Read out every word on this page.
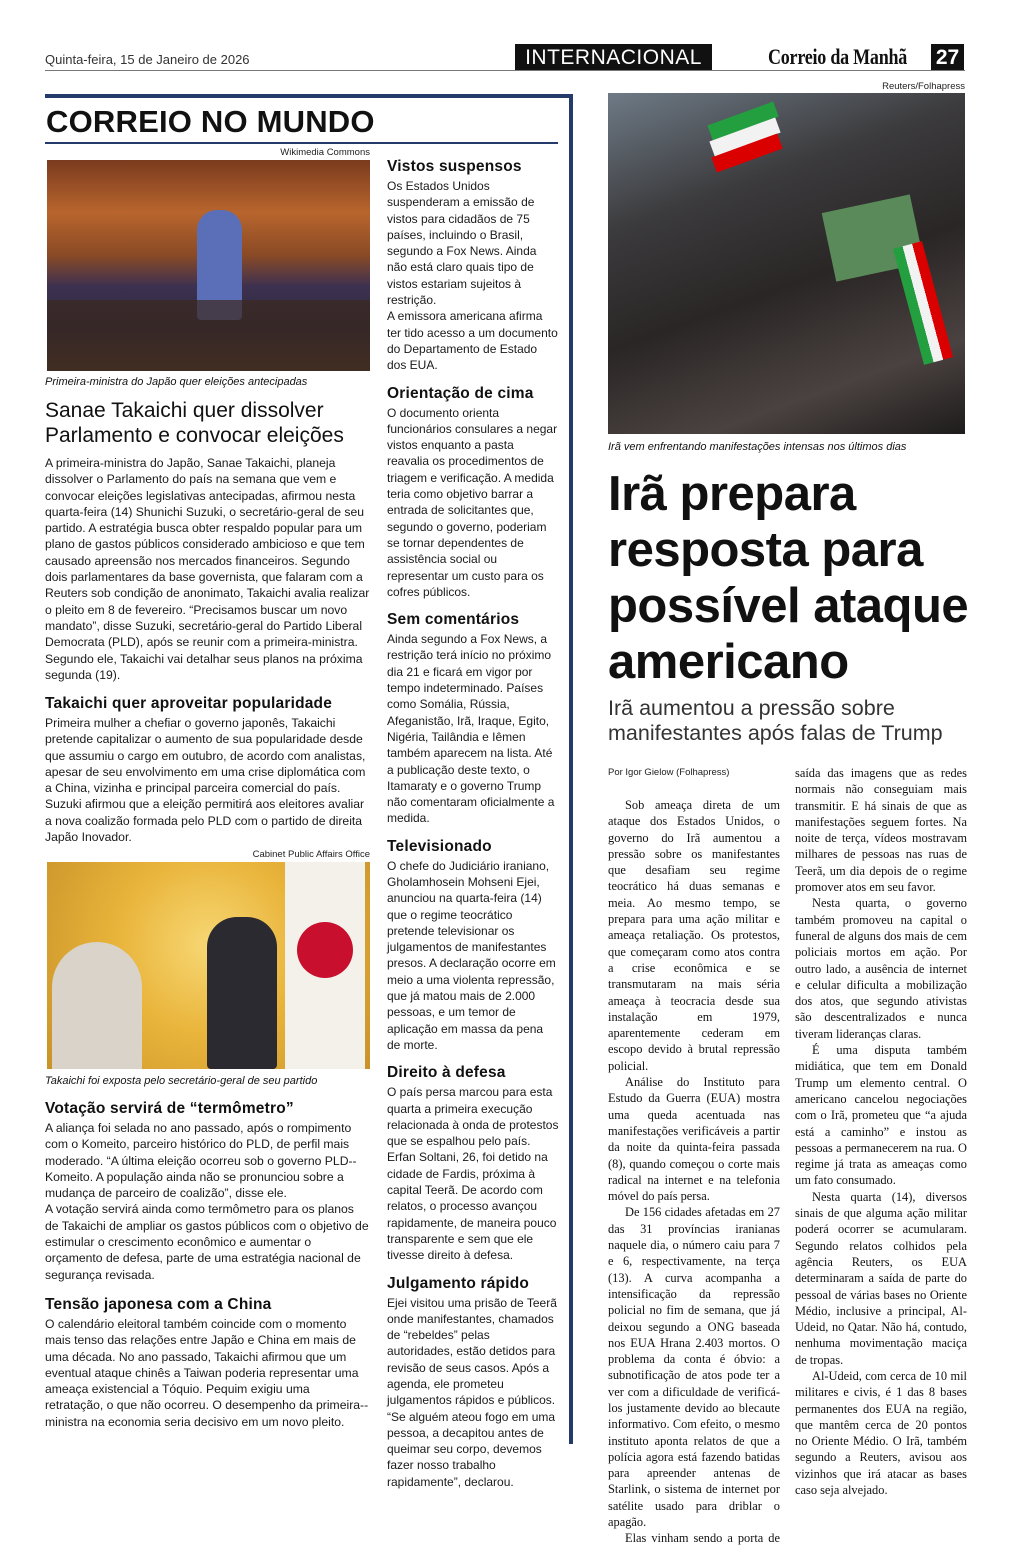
Quinta-feira, 15 de Janeiro de 2026	INTERNACIONAL	Correio da Manhã 27
CORREIO NO MUNDO
Wikimedia Commons
Primeira-ministra do Japão quer eleições antecipadas
Sanae Takaichi quer dissolver Parlamento e convocar eleições

A primeira-ministra do Japão, Sanae Takaichi, planeja dissolver o Parlamento do país na semana que vem e convocar eleições legislativas antecipadas, afirmou nesta quarta-feira (14) Shunichi Suzuki, o secretário-geral de seu partido. A estratégia busca obter respaldo popular para um plano de gastos públicos considerado ambicioso e que tem causado apreensão nos mercados financeiros. Segundo dois parlamentares da base governista, que falaram com a Reuters sob condição de anonimato, Takaichi avalia realizar o pleito em 8 de fevereiro. “Precisamos buscar um novo mandato”, disse Suzuki, secretário-geral do Partido Liberal Democrata (PLD), após se reunir com a primeira-ministra. Segundo ele, Takaichi vai detalhar seus planos na próxima segunda (19).

Takaichi quer aproveitar popularidade

Primeira mulher a chefiar o governo japonês, Takaichi pretende capitalizar o aumento de sua popularidade desde que assumiu o cargo em outubro, de acordo com analistas, apesar de seu envolvimento em uma crise diplomática com a China, vizinha e principal parceira comercial do país. Suzuki afirmou que a eleição permitirá aos eleitores avaliar a nova coalizão formada pelo PLD com o partido de direita Japão Inovador.

Cabinet Public Affairs Office
Takaichi foi exposta pelo secretário-geral de seu partido
Votação servirá de “termômetro”

A aliança foi selada no ano passado, após o rompimento com o Komeito, parceiro histórico do PLD, de perfil mais moderado. “A última eleição ocorreu sob o governo PLD--Komeito. A população ainda não se pronunciou sobre a mudança de parceiro de coalizão”, disse ele.

A votação servirá ainda como termômetro para os planos de Takaichi de ampliar os gastos públicos com o objetivo de estimular o crescimento econômico e aumentar o orçamento de defesa, parte de uma estratégia nacional de segurança revisada.

Tensão japonesa com a China

O calendário eleitoral também coincide com o momento mais tenso das relações entre Japão e China em mais de uma década. No ano passado, Takaichi afirmou que um eventual ataque chinês a Taiwan poderia representar uma ameaça existencial a Tóquio. Pequim exigiu uma retratação, o que não ocorreu. O desempenho da primeira--ministra na economia seria decisivo em um novo pleito.

Vistos suspensos

Os Estados Unidos suspenderam a emissão de vistos para cidadãos de 75 países, incluindo o Brasil, segundo a Fox News. Ainda não está claro quais tipo de vistos estariam sujeitos à restrição.

A emissora americana afirma ter tido acesso a um documento do Departamento de Estado dos EUA.

Orientação de cima

O documento orienta funcionários consulares a negar vistos enquanto a pasta reavalia os procedimentos de triagem e verificação. A medida teria como objetivo barrar a entrada de solicitantes que, segundo o governo, poderiam se tornar dependentes de assistência social ou representar um custo para os cofres públicos.

Sem comentários

Ainda segundo a Fox News, a restrição terá início no próximo dia 21 e ficará em vigor por tempo indeterminado. Países como Somália, Rússia, Afeganistão, Irã, Iraque, Egito, Nigéria, Tailândia e Iêmen também aparecem na lista. Até a publicação deste texto, o Itamaraty e o governo Trump não comentaram oficialmente a medida.

Televisionado

O chefe do Judiciário iraniano, Gholamhosein Mohseni Ejei, anunciou na quarta-feira (14) que o regime teocrático pretende televisionar os julgamentos de manifestantes presos. A declaração ocorre em meio a uma violenta repressão, que já matou mais de 2.000 pessoas, e um temor de aplicação em massa da pena de morte.

Direito à defesa

O país persa marcou para esta quarta a primeira execução relacionada à onda de protestos que se espalhou pelo país. Erfan Soltani, 26, foi detido na cidade de Fardis, próxima à capital Teerã. De acordo com relatos, o processo avançou rapidamente, de maneira pouco transparente e sem que ele tivesse direito à defesa.

Julgamento rápido

Ejei visitou uma prisão de Teerã onde manifestantes, chamados de “rebeldes” pelas autoridades, estão detidos para revisão de seus casos. Após a agenda, ele prometeu julgamentos rápidos e públicos. “Se alguém ateou fogo em uma pessoa, a decapitou antes de queimar seu corpo, devemos fazer nosso trabalho rapidamente”, declarou.

Reuters/Folhapress
Irã vem enfrentando manifestações intensas nos últimos dias
Irã prepara resposta para possível ataque americano
Irã aumentou a pressão sobre manifestantes após falas de Trump
Por Igor Gielow (Folhapress)

Sob ameaça direta de um ataque dos Estados Unidos, o governo do Irã aumentou a pressão sobre os manifestantes que desafiam seu regime teocrático há duas semanas e meia. Ao mesmo tempo, se prepara para uma ação militar e ameaça retaliação. Os protestos, que começaram como atos contra a crise econômica e se transmutaram na mais séria ameaça à teocracia desde sua instalação em 1979, aparentemente cederam em escopo devido à brutal repressão policial.

Análise do Instituto para Estudo da Guerra (EUA) mostra uma queda acentuada nas manifestações verificáveis a partir da noite da quinta-feira passada (8), quando começou o corte mais radical na internet e na telefonia móvel do país persa.

De 156 cidades afetadas em 27 das 31 províncias iranianas naquele dia, o número caiu para 7 e 6, respectivamente, na terça (13). A curva acompanha a intensificação da repressão policial no fim de semana, que já deixou segundo a ONG baseada nos EUA Hrana 2.403 mortos. O problema da conta é óbvio: a subnotificação de atos pode ter a ver com a dificuldade de verificá-los justamente devido ao blecaute informativo. Com efeito, o mesmo instituto aponta relatos de que a polícia agora está fazendo batidas para apreender antenas de Starlink, o sistema de internet por satélite usado para driblar o apagão.

Elas vinham sendo a porta de

saída das imagens que as redes normais não conseguiam mais transmitir. E há sinais de que as manifestações seguem fortes. Na noite de terça, vídeos mostravam milhares de pessoas nas ruas de Teerã, um dia depois de o regime promover atos em seu favor.

Nesta quarta, o governo também promoveu na capital o funeral de alguns dos mais de cem policiais mortos em ação. Por outro lado, a ausência de internet e celular dificulta a mobilização dos atos, que segundo ativistas são descentralizados e nunca tiveram lideranças claras.

É uma disputa também midiática, que tem em Donald Trump um elemento central. O americano cancelou negociações com o Irã, prometeu que “a ajuda está a caminho” e instou as pessoas a permanecerem na rua. O regime já trata as ameaças como um fato consumado.

Nesta quarta (14), diversos sinais de que alguma ação militar poderá ocorrer se acumularam. Segundo relatos colhidos pela agência Reuters, os EUA determinaram a saída de parte do pessoal de várias bases no Oriente Médio, inclusive a principal, Al-Udeid, no Qatar. Não há, contudo, nenhuma movimentação maciça de tropas.

Al-Udeid, com cerca de 10 mil militares e civis, é 1 das 8 bases permanentes dos EUA na região, que mantêm cerca de 20 pontos no Oriente Médio. O Irã, também segundo a Reuters, avisou aos vizinhos que irá atacar as bases caso seja alvejado.
